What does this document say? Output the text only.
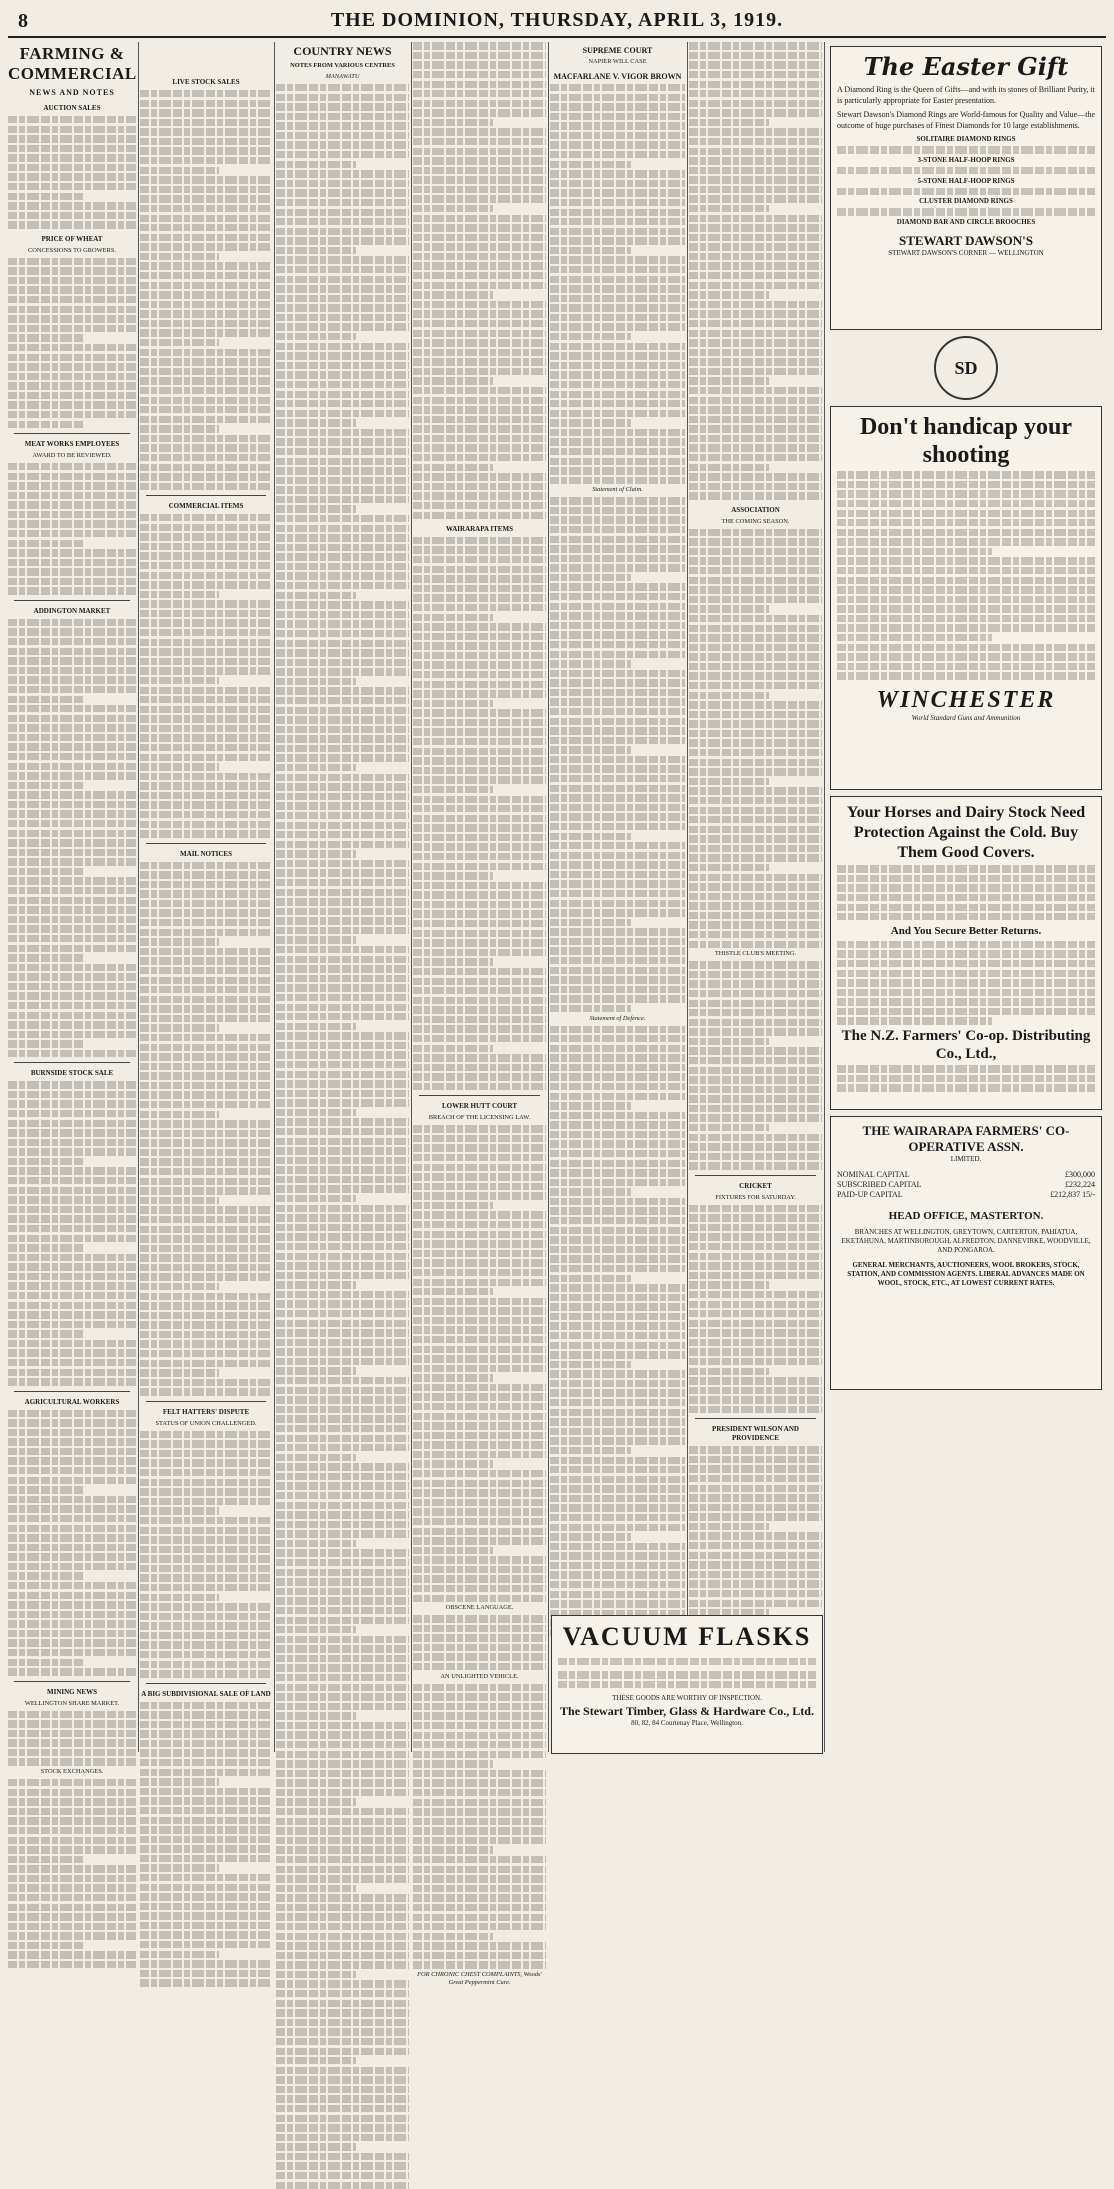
8	THE DOMINION, THURSDAY, APRIL 3, 1919.
FARMING & COMMERCIAL
NEWS AND NOTES
AUCTION SALES
PRICE OF WHEAT
CONCESSIONS TO GROWERS.
MEAT WORKS EMPLOYEES
AWARD TO BE REVIEWED.
ADDINGTON MARKET
BURNSIDE STOCK SALE
AGRICULTURAL WORKERS
MINING NEWS
WELLINGTON SHARE MARKET.
STOCK EXCHANGES.
LIVE STOCK SALES
COMMERCIAL ITEMS
MAIL NOTICES
FELT HATTERS' DISPUTE
STATUS OF UNION CHALLENGED.
A BIG SUBDIVISIONAL SALE OF LAND
COUNTRY NEWS
NOTES FROM VARIOUS CENTRES
MANAWATU
WAIRARAPA ITEMS
LOWER HUTT COURT
BREACH OF THE LICENSING LAW.
OBSCENE LANGUAGE.
AN UNLIGHTED VEHICLE.
FOR CHRONIC CHEST COMPLAINTS, Woods' Great Peppermint Cure.
SUPREME COURT
NAPIER WILL CASE
MACFARLANE V. VIGOR BROWN
Statement of Claim.
Statement of Defence.
ASSOCIATION
THE COMING SEASON.
THISTLE CLUB'S MEETING.
CRICKET
FIXTURES FOR SATURDAY.
PRESIDENT WILSON AND PROVIDENCE
VACUUM FLASKS
THESE GOODS ARE WORTHY OF INSPECTION.
The Stewart Timber, Glass & Hardware Co., Ltd.
80, 82, 84 Courtenay Place, Wellington.
The Easter Gift
A Diamond Ring is the Queen of Gifts—and with its stones of Brilliant Purity, it is particularly appropriate for Easter presentation.
Stewart Dawson's Diamond Rings are World-famous for Quality and Value—the outcome of huge purchases of Finest Diamonds for 10 large establishments.
SOLITAIRE DIAMOND RINGS
3-STONE HALF-HOOP RINGS
5-STONE HALF-HOOP RINGS
CLUSTER DIAMOND RINGS
DIAMOND BAR AND CIRCLE BROOCHES
STEWART DAWSON'S
STEWART DAWSON'S CORNER — WELLINGTON
SD
Don't handicap your shooting
WINCHESTER
World Standard Guns and Ammunition
Your Horses and Dairy Stock Need Protection Against the Cold. Buy Them Good Covers.
And You Secure Better Returns.
The N.Z. Farmers' Co-op. Distributing Co., Ltd.,
THE WAIRARAPA FARMERS' CO-OPERATIVE ASSN.
LIMITED.
NOMINAL CAPITAL	£300,000
SUBSCRIBED CAPITAL	£232,224
PAID-UP CAPITAL	£212,837 15/-
HEAD OFFICE, MASTERTON.
BRANCHES AT WELLINGTON, GREYTOWN, CARTERTON, PAHIATUA, EKETAHUNA, MARTINBOROUGH, ALFREDTON, DANNEVIRKE, WOODVILLE, AND PONGAROA.
GENERAL MERCHANTS, AUCTIONEERS, WOOL BROKERS, STOCK, STATION, AND COMMISSION AGENTS. LIBERAL ADVANCES MADE ON WOOL, STOCK, ETC., AT LOWEST CURRENT RATES.
